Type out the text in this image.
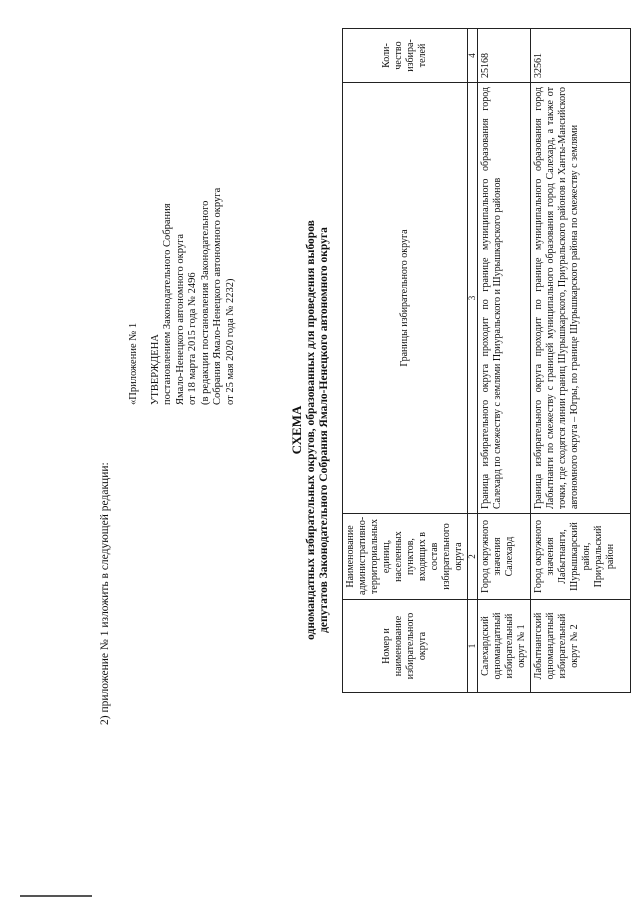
2) приложение № 1 изложить в следующей редакции:
«Приложение № 1 УТВЕРЖДЕНА постановлением Законодательного Собрания Ямало-Ненецкого автономного округа от 18 марта 2015 года № 2496 (в редакции постановления Законодательного Собрания Ямало-Ненецкого автономного округа от 25 мая 2020 года № 2232)
СХЕМА одномандатных избирательных округов, образованных для проведения выборов депутатов Законодательного Собрания Ямало-Ненецкого автономного округа
Номер и наименование избирательного округа	Наименование административно-территориальных единиц, населенных пунктов, входящих в состав избирательного округа	Границы избирательного округа	Коли-чество избира-телей
1	2	3	4
Салехардский одномандатный избирательный округ № 1	Город окружного значения Салехард	Граница избирательного округа проходит по границе муниципального образования город Салехард по смежеству с землями Приуральского и Шурышкарского районов	25168
Лабытнангский одномандатный избирательный округ № 2	Город окружного значения Лабытнанги, Шурышкарский район, Приуральский район	Граница избирательного округа проходит по границе муниципального образования город Лабытнанги по смежеству с границей муниципального образования город Салехард, а также от точки, где сходятся линии границ Шурышкарского, Приуральского районов и Ханты-Мансийского автономного округа – Югры, по границе Шурышкарского района по смежеству с землями	32561
